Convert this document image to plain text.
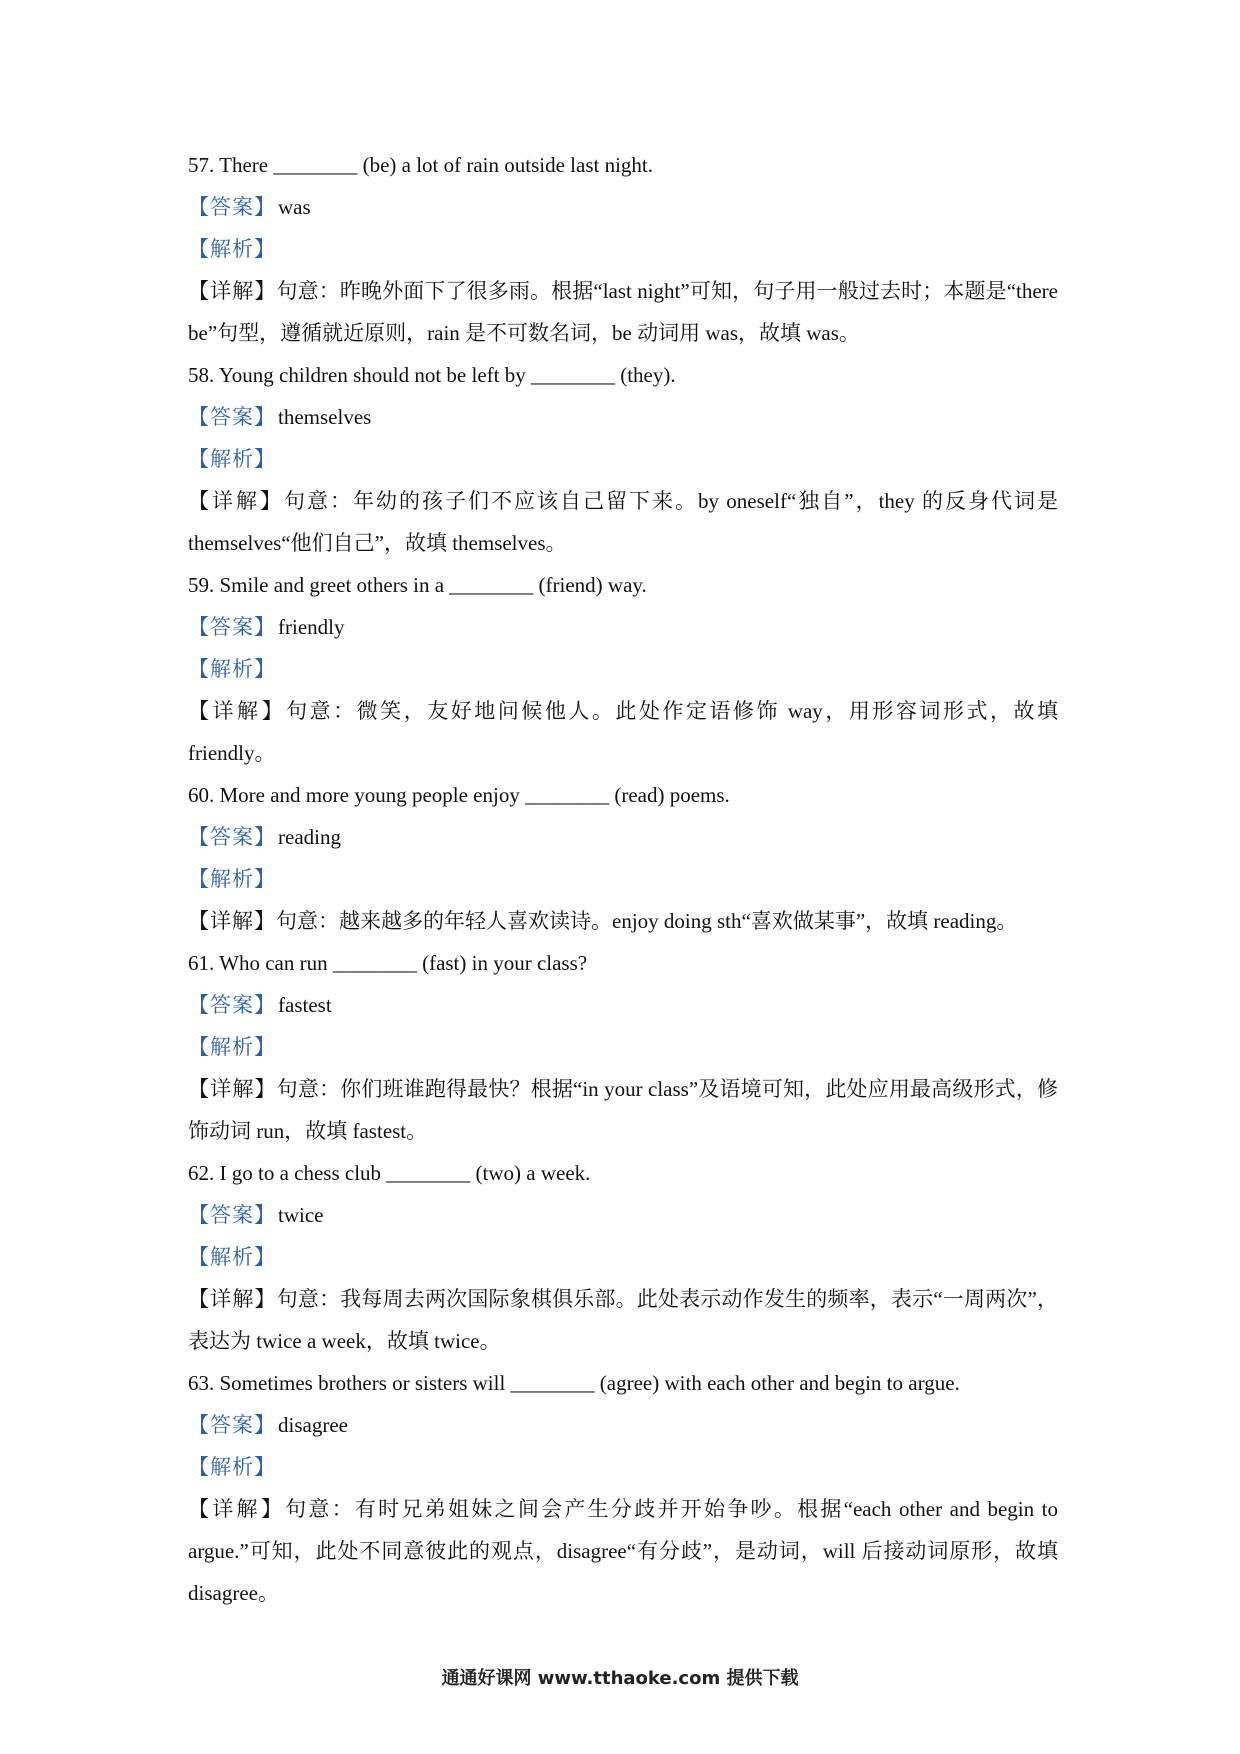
57. There ________ (be) a lot of rain outside last night.
【答案】was
【解析】
【详解】句意：昨晚外面下了很多雨。根据“last night”可知，句子用一般过去时；本题是“there be”句型，遵循就近原则，rain 是不可数名词，be 动词用 was，故填 was。
58. Young children should not be left by ________ (they).
【答案】themselves
【解析】
【详解】句意：年幼的孩子们不应该自己留下来。by oneself“独自”，they 的反身代词是 themselves“他们自己”，故填 themselves。
59. Smile and greet others in a ________ (friend) way.
【答案】friendly
【解析】
【详解】句意：微笑，友好地问候他人。此处作定语修饰 way，用形容词形式，故填 friendly。
60. More and more young people enjoy ________ (read) poems.
【答案】reading
【解析】
【详解】句意：越来越多的年轻人喜欢读诗。enjoy doing sth“喜欢做某事”，故填 reading。
61. Who can run ________ (fast) in your class?
【答案】fastest
【解析】
【详解】句意：你们班谁跑得最快？根据“in your class”及语境可知，此处应用最高级形式，修饰动词 run，故填 fastest。
62. I go to a chess club ________ (two) a week.
【答案】twice
【解析】
【详解】句意：我每周去两次国际象棋俱乐部。此处表示动作发生的频率，表示“一周两次”，表达为 twice a week，故填 twice。
63. Sometimes brothers or sisters will ________ (agree) with each other and begin to argue.
【答案】disagree
【解析】
【详解】句意：有时兄弟姐妹之间会产生分歧并开始争吵。根据“each other and begin to argue.”可知，此处不同意彼此的观点，disagree“有分歧”，是动词，will 后接动词原形，故填 disagree。
通通好课网 www.tthaoke.com 提供下载
